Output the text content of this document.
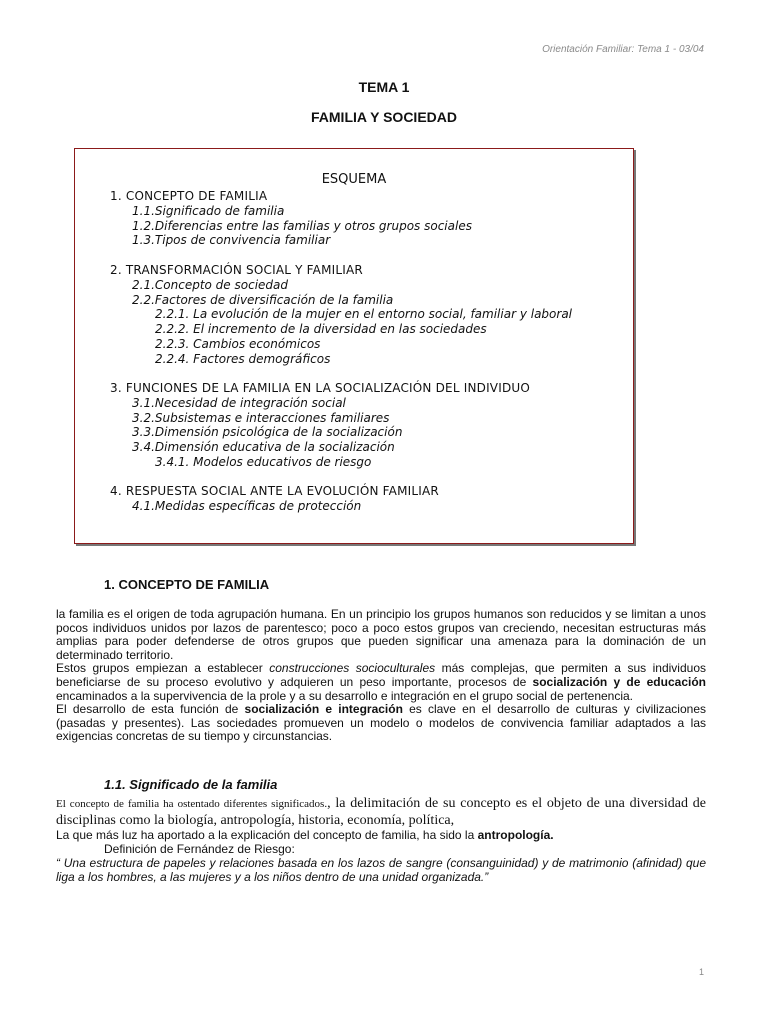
Orientación Familiar: Tema 1 - 03/04
TEMA 1
FAMILIA Y SOCIEDAD
ESQUEMA
1. CONCEPTO DE FAMILIA
1.1.Significado de familia
1.2.Diferencias entre las familias y otros grupos sociales
1.3.Tipos de convivencia familiar
2. TRANSFORMACIÓN SOCIAL Y FAMILIAR
2.1.Concepto de sociedad
2.2.Factores de diversificación de la familia
2.2.1. La evolución de la mujer en el entorno social, familiar y laboral
2.2.2. El incremento de la diversidad en las sociedades
2.2.3. Cambios económicos
2.2.4. Factores demográficos
3. FUNCIONES DE LA FAMILIA EN LA SOCIALIZACIÓN DEL INDIVIDUO
3.1.Necesidad de integración social
3.2.Subsistemas e interacciones familiares
3.3.Dimensión psicológica de la socialización
3.4.Dimensión educativa de la socialización
3.4.1. Modelos educativos de riesgo
4. RESPUESTA SOCIAL ANTE LA EVOLUCIÓN FAMILIAR
4.1.Medidas específicas de protección
1. CONCEPTO DE FAMILIA
la familia es el origen de toda agrupación humana. En un principio los grupos humanos son reducidos y se limitan a unos pocos individuos unidos por lazos de parentesco; poco a poco estos grupos van creciendo, necesitan estructuras más amplias para poder defenderse de otros grupos que pueden significar una amenaza para la dominación de un determinado territorio.
Estos grupos empiezan a establecer construcciones socioculturales más complejas, que permiten a sus individuos beneficiarse de su proceso evolutivo y adquieren un peso importante, procesos de socialización y de educación encaminados a la supervivencia de la prole y a su desarrollo e integración en el grupo social de pertenencia.
El desarrollo de esta función de socialización e integración es clave en el desarrollo de culturas y civilizaciones (pasadas y presentes). Las sociedades promueven un modelo o modelos de convivencia familiar adaptados a las exigencias concretas de su tiempo y circunstancias.
1.1. Significado de la familia
El concepto de familia ha ostentado diferentes significados., la delimitación de su concepto es el objeto de una diversidad de disciplinas como la biología, antropología, historia, economía, política,
La que más luz ha aportado a la explicación del concepto de familia, ha sido la antropología.
Definición de Fernández de Riesgo:
“ Una estructura de papeles y relaciones basada en los lazos de sangre (consanguinidad) y de matrimonio (afinidad) que liga a los hombres, a las mujeres y a los niños dentro de una unidad organizada.”
1
